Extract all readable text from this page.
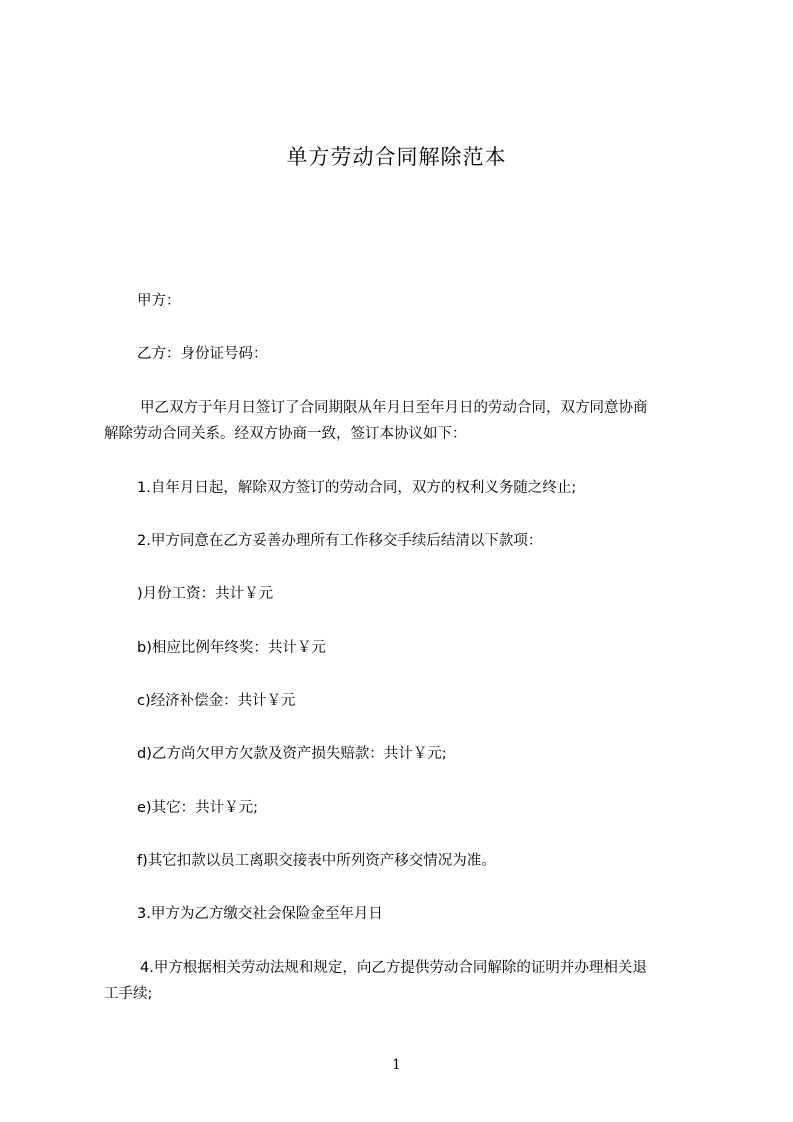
单方劳动合同解除范本
甲方：
乙方：身份证号码：
甲乙双方于年月日签订了合同期限从年月日至年月日的劳动合同，双方同意协商
解除劳动合同关系。经双方协商一致，签订本协议如下：
1.自年月日起，解除双方签订的劳动合同，双方的权利义务随之终止;
2.甲方同意在乙方妥善办理所有工作移交手续后结清以下款项：
)月份工资：共计￥元
b)相应比例年终奖：共计￥元
c)经济补偿金：共计￥元
d)乙方尚欠甲方欠款及资产损失赔款：共计￥元;
e)其它：共计￥元;
f)其它扣款以员工离职交接表中所列资产移交情况为准。
3.甲方为乙方缴交社会保险金至年月日
4.甲方根据相关劳动法规和规定，向乙方提供劳动合同解除的证明并办理相关退
工手续;
1
